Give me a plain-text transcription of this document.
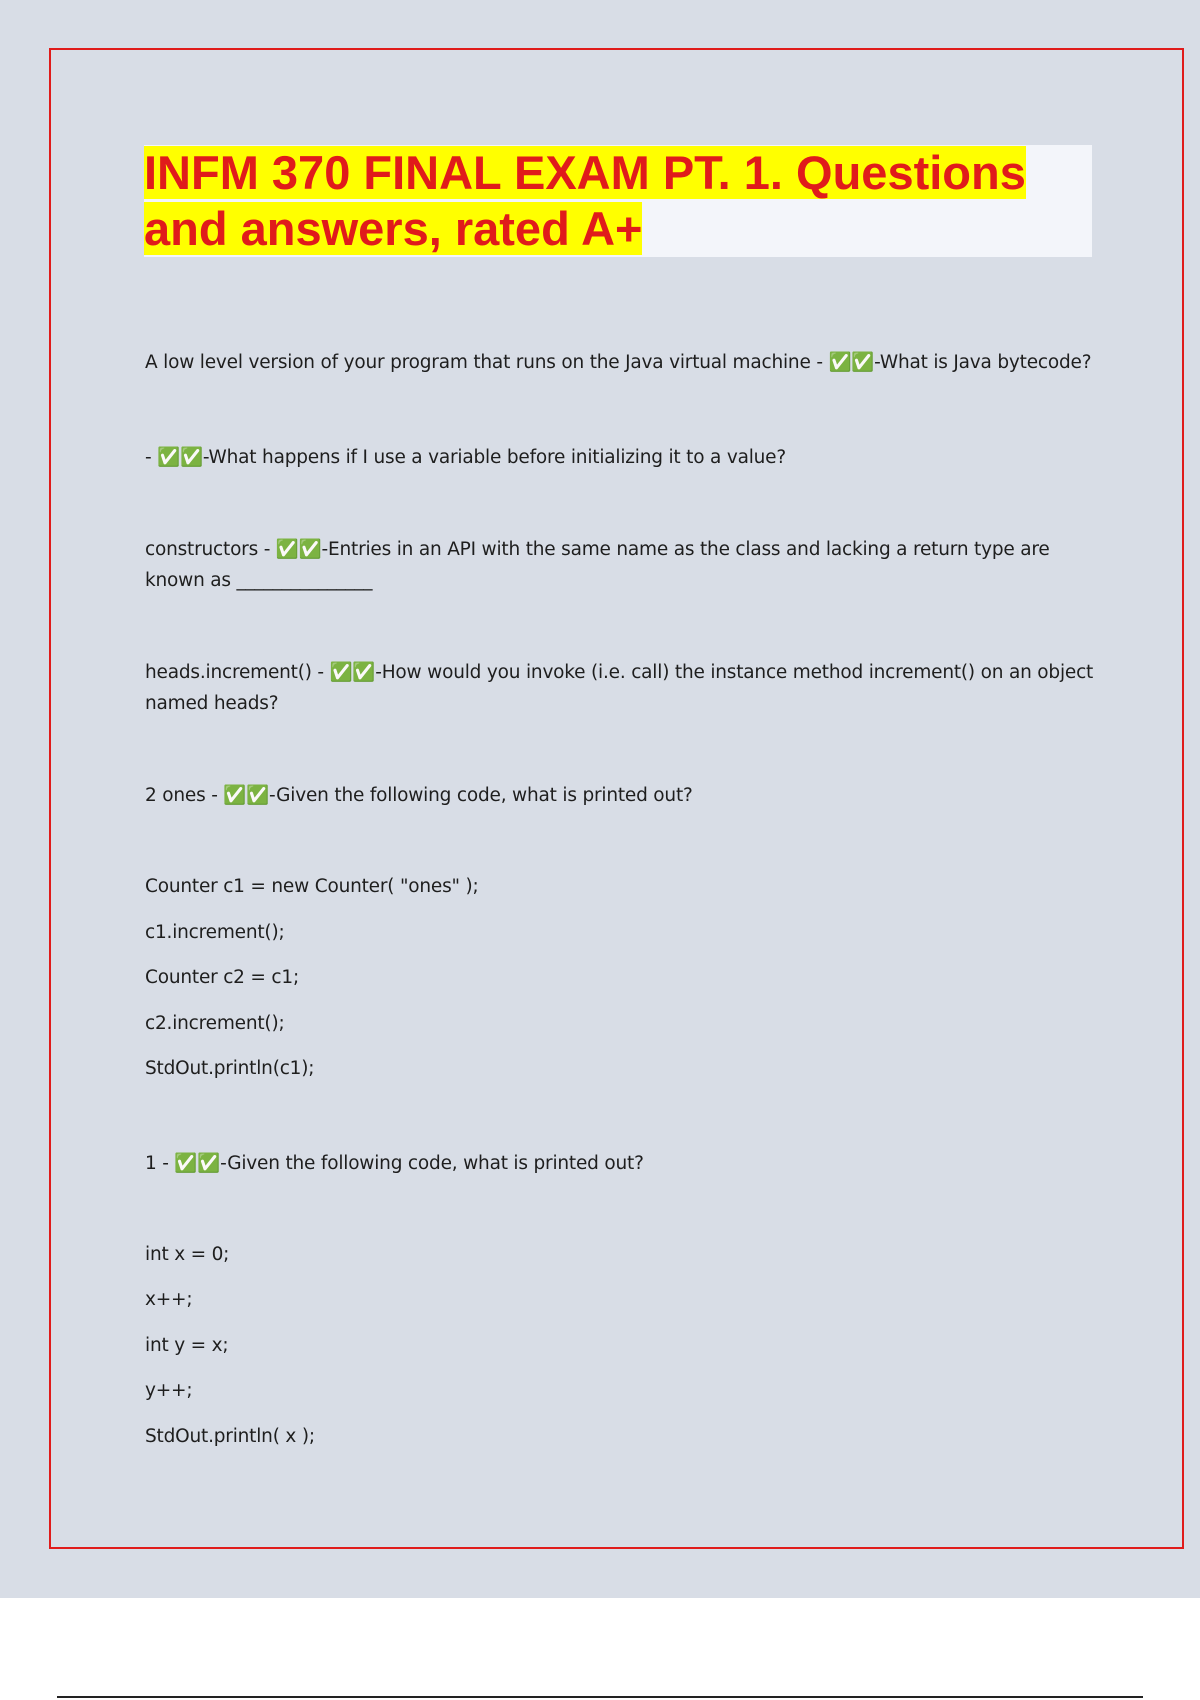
INFM 370 FINAL EXAM PT. 1. Questions
and answers, rated A+
A low level version of your program that runs on the Java virtual machine - ✅✅-What is Java bytecode?
- ✅✅-What happens if I use a variable before initializing it to a value?
constructors - ✅✅-Entries in an API with the same name as the class and lacking a return type are
known as _______________
heads.increment() - ✅✅-How would you invoke (i.e. call) the instance method increment() on an object
named heads?
2 ones - ✅✅-Given the following code, what is printed out?
Counter c1 = new Counter( "ones" );
c1.increment();
Counter c2 = c1;
c2.increment();
StdOut.println(c1);
1 - ✅✅-Given the following code, what is printed out?
int x = 0;
x++;
int y = x;
y++;
StdOut.println( x );
